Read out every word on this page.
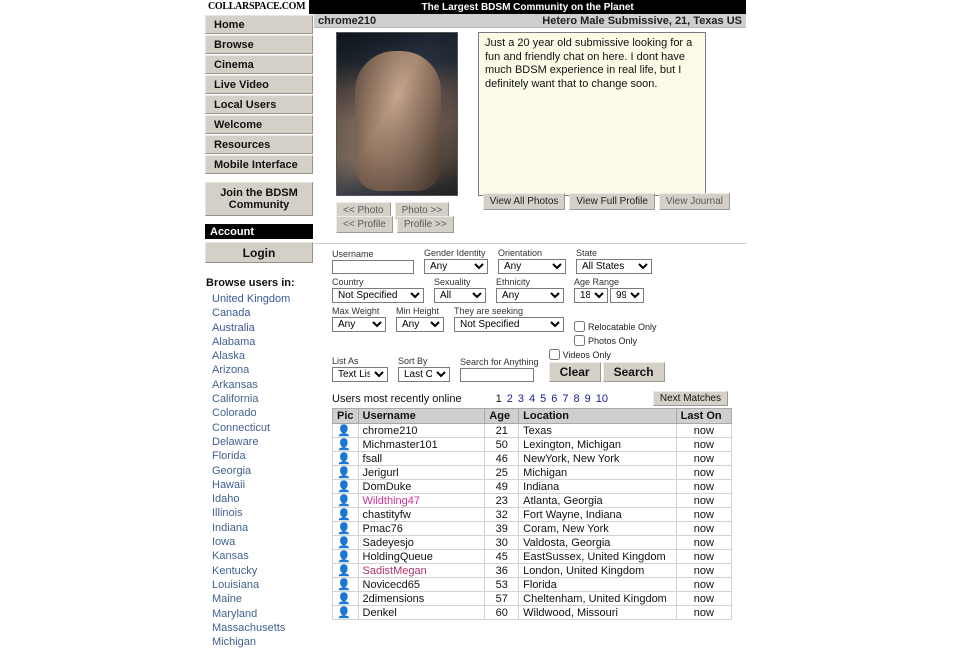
COLLARSPACE.COM	The Largest BDSM Community on the Planet
Home
Browse
Cinema
Live Video
Local Users
Welcome
Resources
Mobile Interface
Join the BDSM Community
Account
Login
Browse users in:
United Kingdom
Canada
Australia
Alabama
Alaska
Arizona
Arkansas
California
Colorado
Connecticut
Delaware
Florida
Georgia
Hawaii
Idaho
Illinois
Indiana
Iowa
Kansas
Kentucky
Louisiana
Maine
Maryland
Massachusetts
Michigan
chrome210	Hetero Male Submissive, 21, Texas US
Just a 20 year old submissive looking for a fun and friendly chat on here. I dont have much BDSM experience in real life, but I definitely want that to change soon.
<< Photo	Photo >>
View All Photos	View Full Profile	View Journal
<< Profile	Profile >>
Username	Gender Identity
Any Orientation
Any	State
All States
Country
Not Specified	Sexuality
All	Ethnicity
Any	Age Range
18
99
Max Weight
Any	Min Height
Any	They are seeking
Not Specified
Relocatable Only
Photos Only
List As
Text List	Sort By
Last On	Search for Anything
Videos Only
Clear	Search
Users most recently online	1 2 3 4 5 6 7 8 9 10	Next Matches
Pic	Username	Age	Location	Last On
👤	chrome210	21	Texas	now
👤	Michmaster101	50	Lexington, Michigan	now
👤	fsall	46	NewYork, New York	now
👤	Jerigurl	25	Michigan	now
👤	DomDuke	49	Indiana	now
👤	Wildthing47	23	Atlanta, Georgia	now
👤	chastityfw	32	Fort Wayne, Indiana	now
👤	Pmac76	39	Coram, New York	now
👤	Sadeyesjo	30	Valdosta, Georgia	now
👤	HoldingQueue	45	EastSussex, United Kingdom	now
👤	SadistMegan	36	London, United Kingdom	now
👤	Novicecd65	53	Florida	now
👤	2dimensions	57	Cheltenham, United Kingdom	now
👤	Denkel	60	Wildwood, Missouri	now
